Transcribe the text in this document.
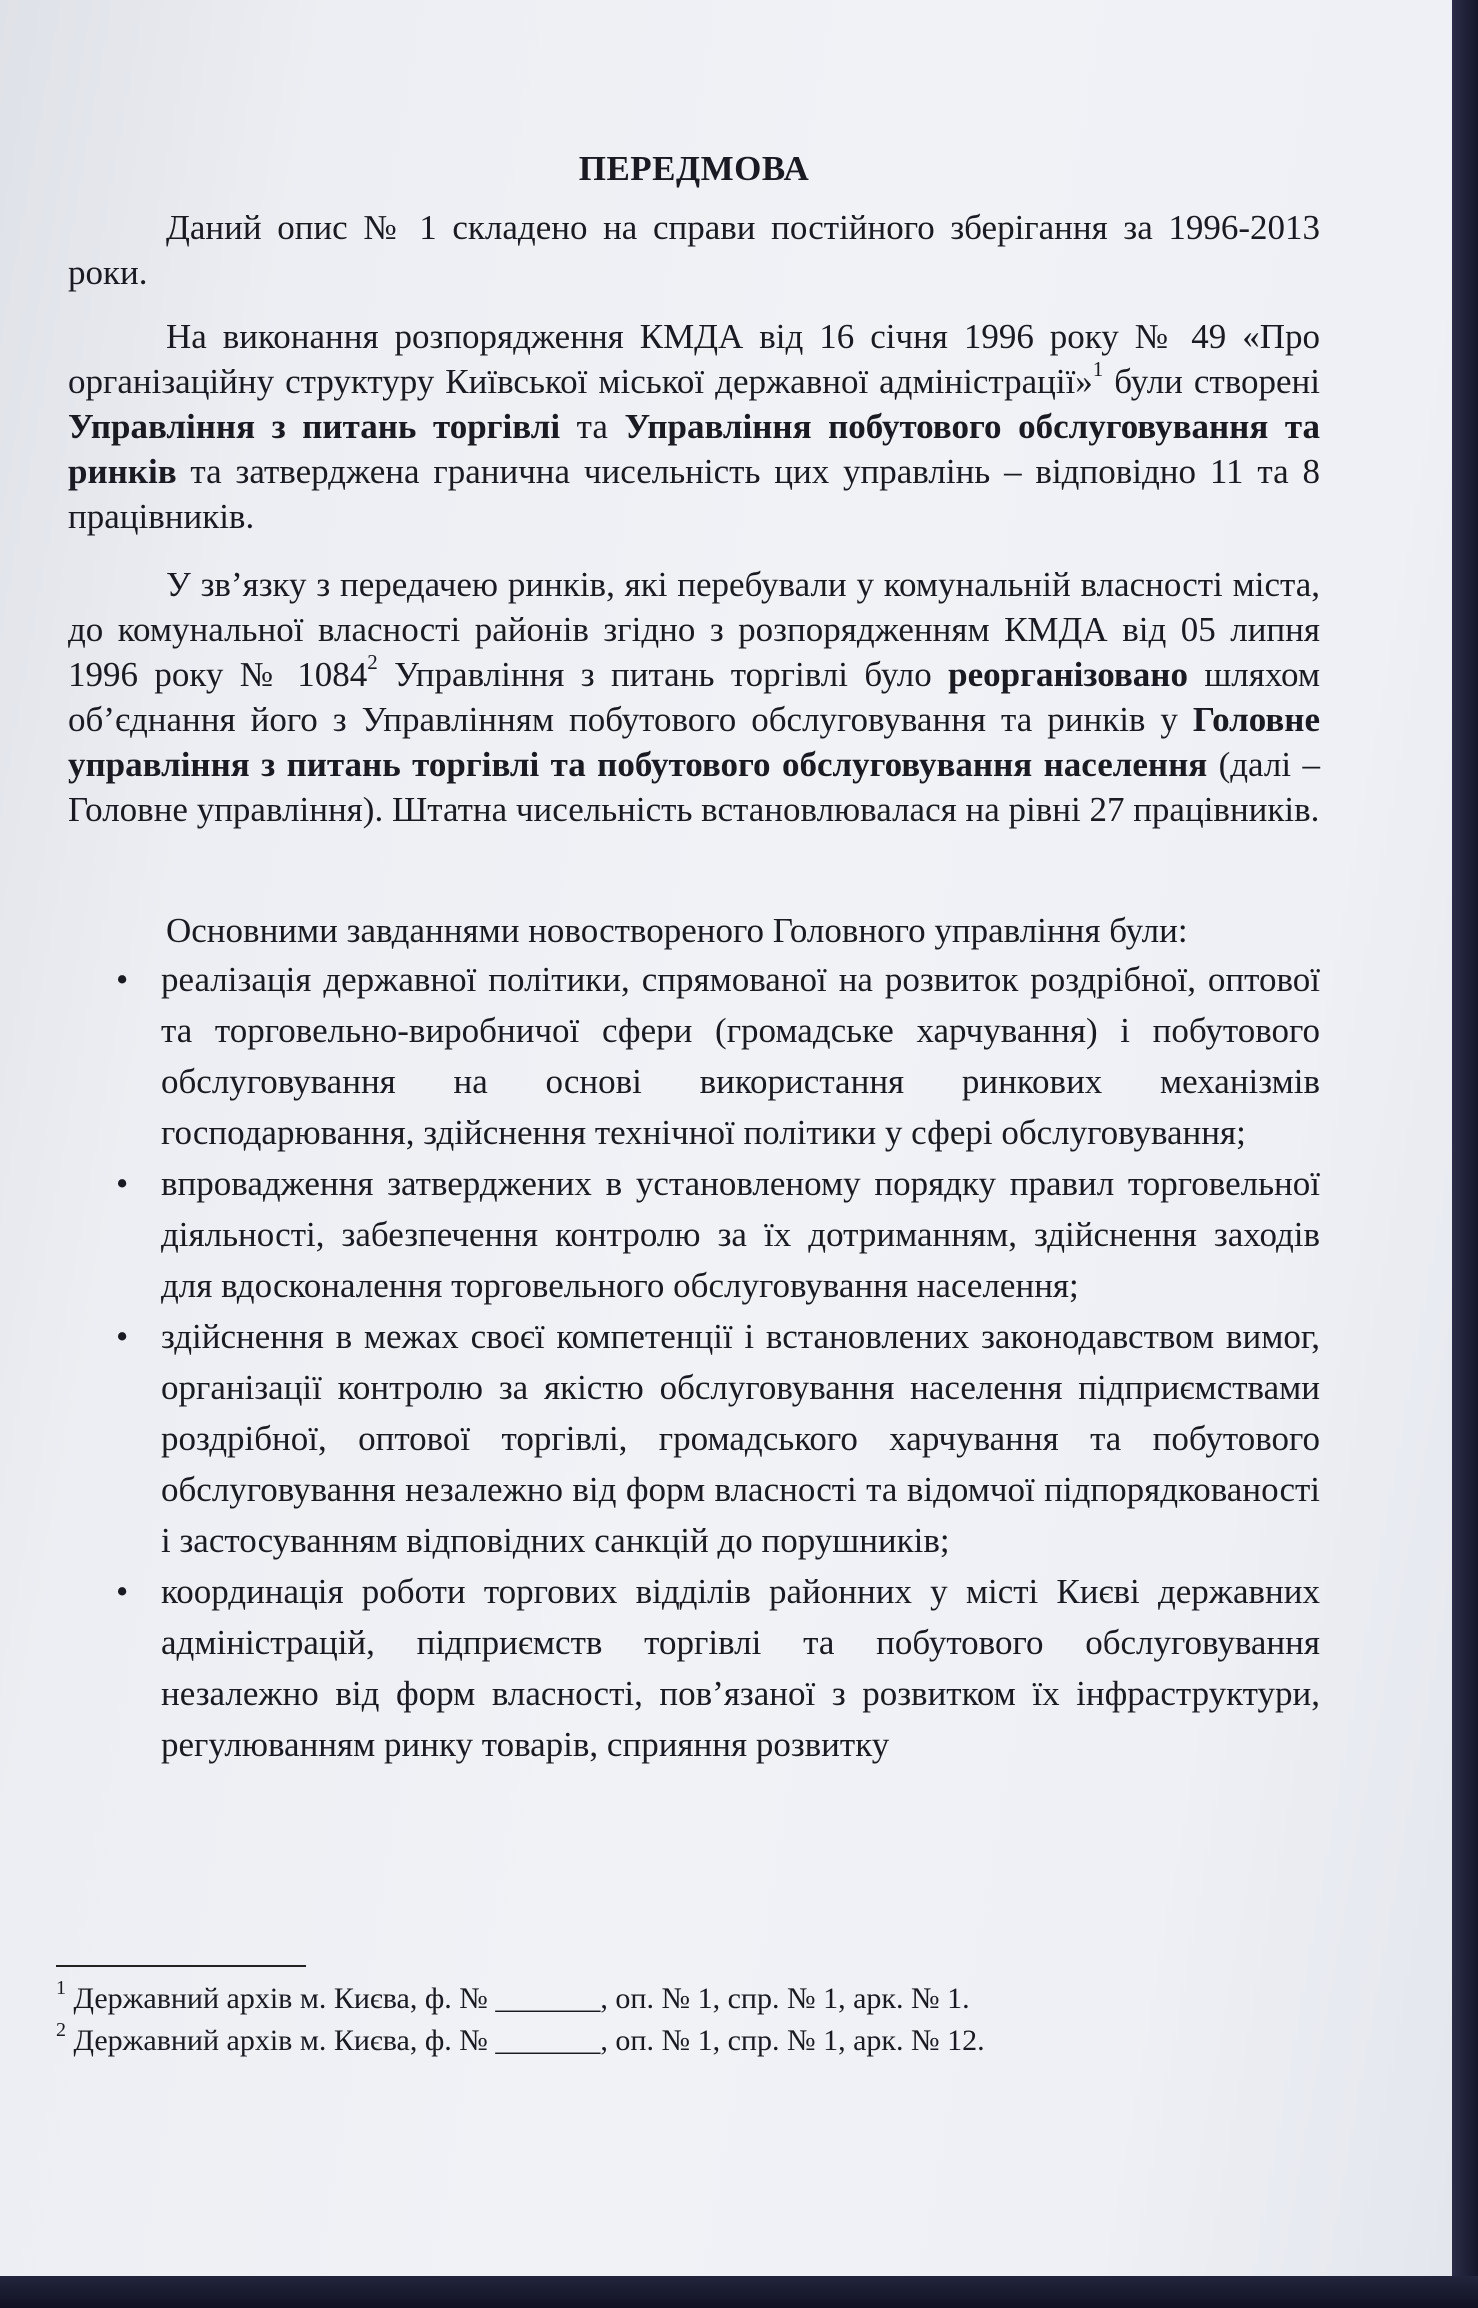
ПЕРЕДМОВА

Даний опис № 1 складено на справи постійного зберігання за 1996-2013 роки.

На виконання розпорядження КМДА від 16 січня 1996 року № 49 «Про організаційну структуру Київської міської державної адміністрації»$^1$ були створені Управління з питань торгівлі та Управління побутового обслуговування та ринків та затверджена гранична чисельність цих управлінь – відповідно 11 та 8 працівників.

У зв’язку з передачею ринків, які перебували у комунальній власності міста, до комунальної власності районів згідно з розпорядженням КМДА від 05 липня 1996 року № 1084$^2$ Управління з питань торгівлі було реорганізовано шляхом об’єднання його з Управлінням побутового обслуговування та ринків у Головне управління з питань торгівлі та побутового обслуговування населення (далі – Головне управління). Штатна чисельність встановлювалася на рівні 27 працівників.

Основними завданнями новоствореного Головного управління були:

• реалізація державної політики, спрямованої на розвиток роздрібної, оптової та торговельно-виробничої сфери (громадське харчування) і побутового обслуговування на основі використання ринкових механізмів господарювання, здійснення технічної політики у сфері обслуговування;
• впровадження затверджених в установленому порядку правил торговельної діяльності, забезпечення контролю за їх дотриманням, здійснення заходів для вдосконалення торговельного обслуговування населення;
• здійснення в межах своєї компетенції і встановлених законодавством вимог, організації контролю за якістю обслуговування населення підприємствами роздрібної, оптової торгівлі, громадського харчування та побутового обслуговування незалежно від форм власності та відомчої підпорядкованості і застосуванням відповідних санкцій до порушників;
• координація роботи торгових відділів районних у місті Києві державних адміністрацій, підприємств торгівлі та побутового обслуговування незалежно від форм власності, пов’язаної з розвитком їх інфраструктури, регулюванням ринку товарів, сприяння розвитку
$^1$ Державний архів м. Києва, ф. № _______, оп. № 1, спр. № 1, арк. № 1.
$^2$ Державний архів м. Києва, ф. № _______, оп. № 1, спр. № 1, арк. № 12.
